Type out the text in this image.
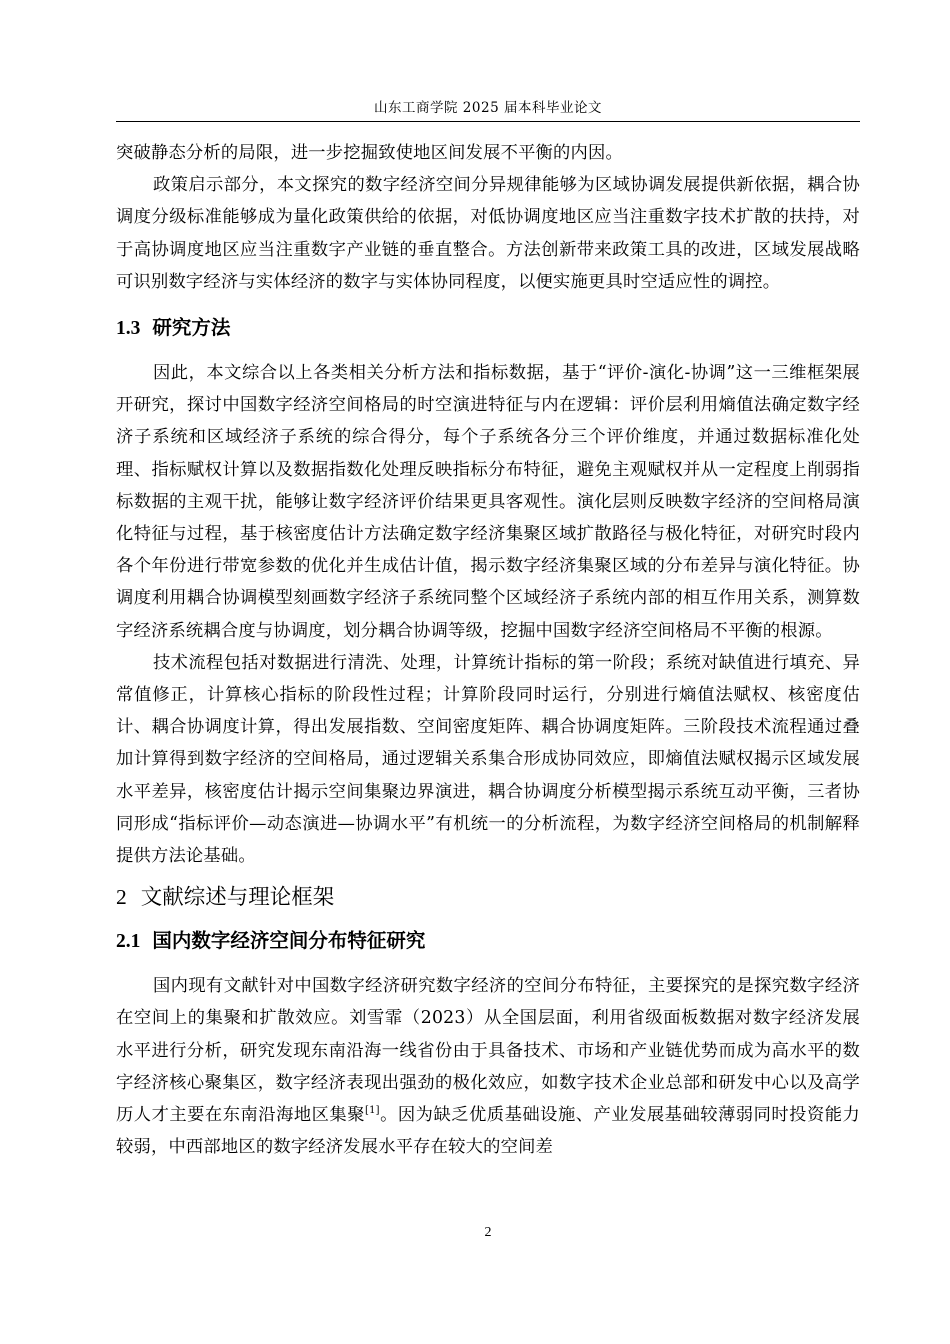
山东工商学院 2025 届本科毕业论文

突破静态分析的局限，进一步挖掘致使地区间发展不平衡的内因。

政策启示部分，本文探究的数字经济空间分异规律能够为区域协调发展提供新依据，耦合协调度分级标准能够成为量化政策供给的依据，对低协调度地区应当注重数字技术扩散的扶持，对于高协调度地区应当注重数字产业链的垂直整合。方法创新带来政策工具的改进，区域发展战略可识别数字经济与实体经济的数字与实体协同程度，以便实施更具时空适应性的调控。

1.3 研究方法

因此，本文综合以上各类相关分析方法和指标数据，基于“评价-演化-协调”这一三维框架展开研究，探讨中国数字经济空间格局的时空演进特征与内在逻辑：评价层利用熵值法确定数字经济子系统和区域经济子系统的综合得分，每个子系统各分三个评价维度，并通过数据标准化处理、指标赋权计算以及数据指数化处理反映指标分布特征，避免主观赋权并从一定程度上削弱指标数据的主观干扰，能够让数字经济评价结果更具客观性。演化层则反映数字经济的空间格局演化特征与过程，基于核密度估计方法确定数字经济集聚区域扩散路径与极化特征，对研究时段内各个年份进行带宽参数的优化并生成估计值，揭示数字经济集聚区域的分布差异与演化特征。协调度利用耦合协调模型刻画数字经济子系统同整个区域经济子系统内部的相互作用关系，测算数字经济系统耦合度与协调度，划分耦合协调等级，挖掘中国数字经济空间格局不平衡的根源。

技术流程包括对数据进行清洗、处理，计算统计指标的第一阶段；系统对缺值进行填充、异常值修正，计算核心指标的阶段性过程；计算阶段同时运行，分别进行熵值法赋权、核密度估计、耦合协调度计算，得出发展指数、空间密度矩阵、耦合协调度矩阵。三阶段技术流程通过叠加计算得到数字经济的空间格局，通过逻辑关系集合形成协同效应，即熵值法赋权揭示区域发展水平差异，核密度估计揭示空间集聚边界演进，耦合协调度分析模型揭示系统互动平衡，三者协同形成“指标评价—动态演进—协调水平”有机统一的分析流程，为数字经济空间格局的机制解释提供方法论基础。

2 文献综述与理论框架
2.1 国内数字经济空间分布特征研究

国内现有文献针对中国数字经济研究数字经济的空间分布特征，主要探究的是探究数字经济在空间上的集聚和扩散效应。刘雪霏（2023）从全国层面，利用省级面板数据对数字经济发展水平进行分析，研究发现东南沿海一线省份由于具备技术、市场和产业链优势而成为高水平的数字经济核心聚集区，数字经济表现出强劲的极化效应，如数字技术企业总部和研发中心以及高学历人才主要在东南沿海地区集聚[1]。因为缺乏优质基础设施、产业发展基础较薄弱同时投资能力较弱，中西部地区的数字经济发展水平存在较大的空间差

2
